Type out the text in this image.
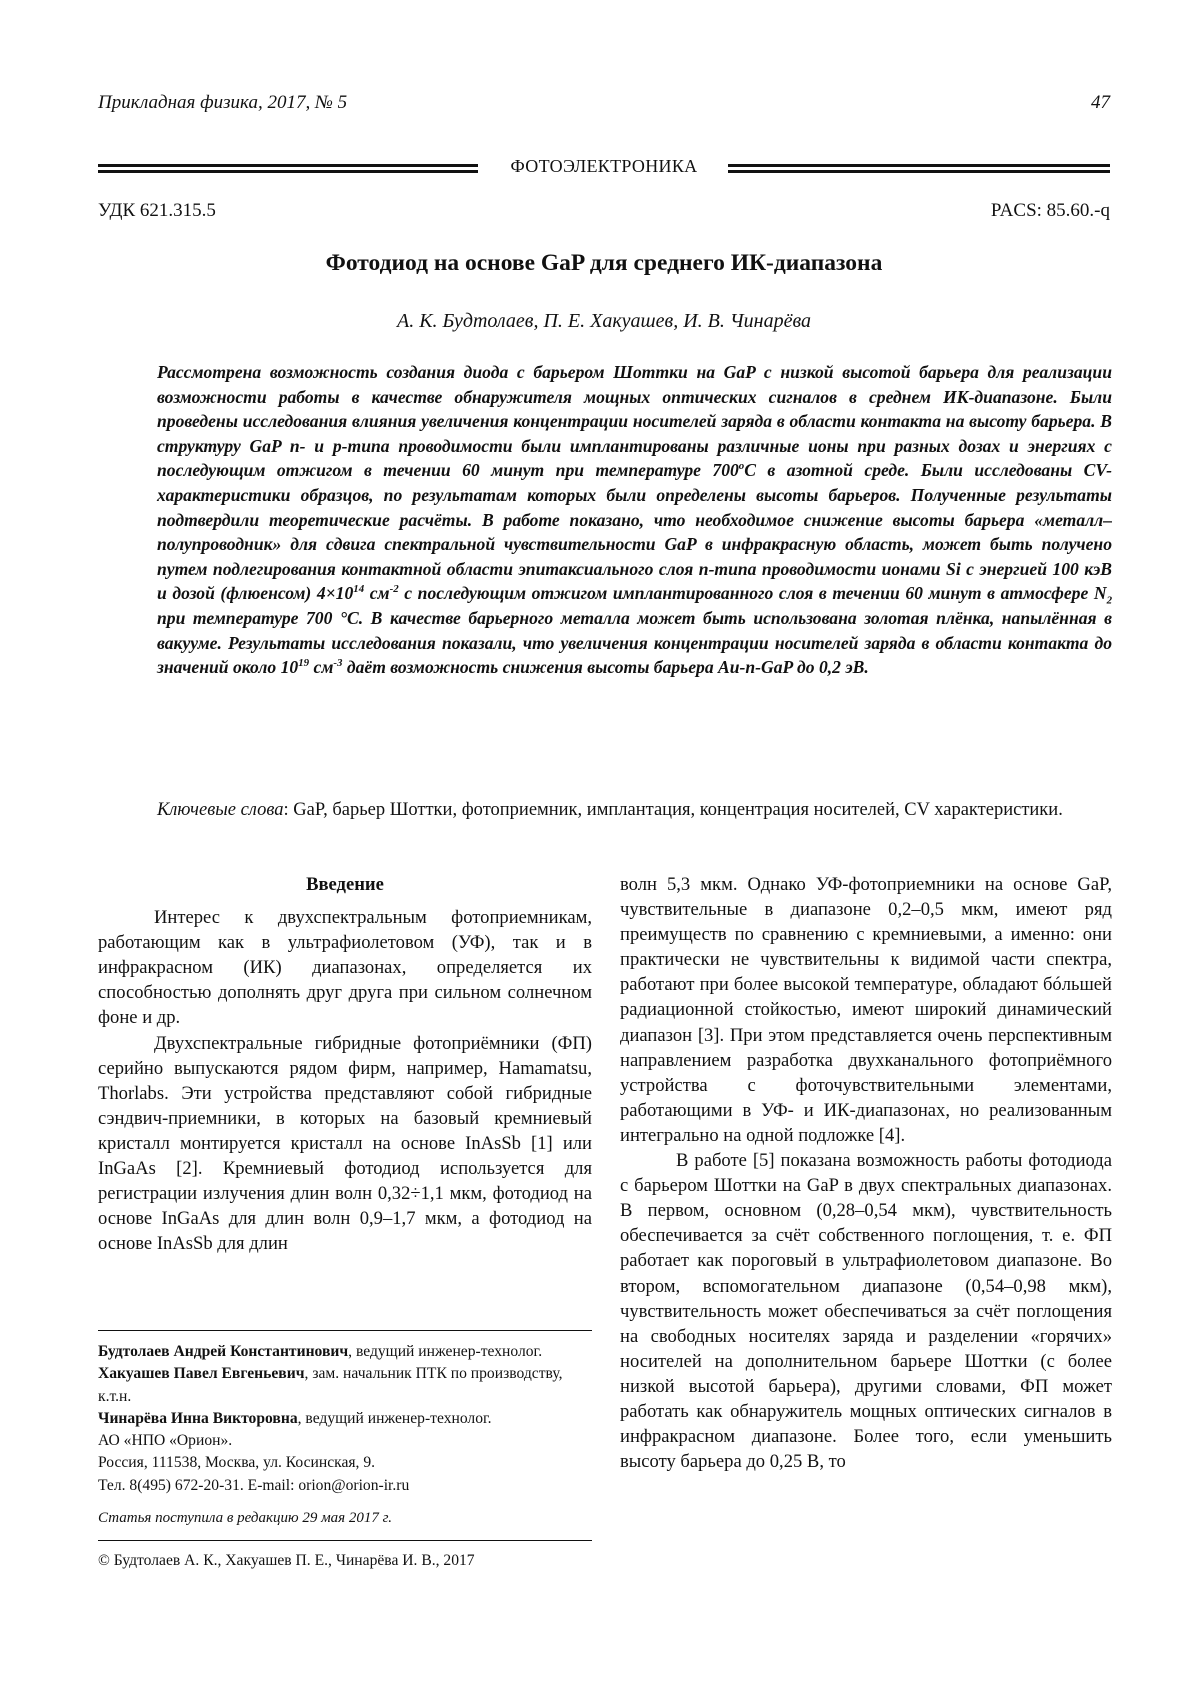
Прикладная физика, 2017, № 5	47
ФОТОЭЛЕКТРОНИКА
УДК 621.315.5	PACS: 85.60.-q
Фотодиод на основе GaP для среднего ИК-диапазона
А. К. Будтолаев, П. Е. Хакуашев, И. В. Чинарёва
Рассмотрена возможность создания диода с барьером Шоттки на GaP с низкой высотой барьера для реализации возможности работы в качестве обнаружителя мощных оптических сигналов в среднем ИК-диапазоне. Были проведены исследования влияния увеличения концентрации носителей заряда в области контакта на высоту барьера. В структуру GaP n- и p-типа проводимости были имплантированы различные ионы при разных дозах и энергиях с последующим отжигом в течении 60 минут при температуре 700$^o$C в азотной среде. Были исследованы CV-характеристики образцов, по результатам которых были определены высоты барьеров. Полученные результаты подтвердили теоретические расчёты. В работе показано, что необходимое снижение высоты барьера «металл–полупроводник» для сдвига спектральной чувствительности GaP в инфракрасную область, может быть получено путем подлегирования контактной области эпитаксиального слоя n-типа проводимости ионами Si с энергией 100 кэВ и дозой (флюенсом) $4\times 10^{14}$ $см^{-2}$ с последующим отжигом имплантированного слоя в течении 60 минут в атмосфере $N_2$ при температуре 700 °С. В качестве барьерного металла может быть использована золотая плёнка, напылённая в вакууме. Результаты исследования показали, что увеличения концентрации носителей заряда в области контакта до значений около $10^{19}$ $см^{-3}$ даёт возможность снижения высоты барьера Au-n-GaP до 0,2 эВ.
Ключевые слова: GaP, барьер Шоттки, фотоприемник, имплантация, концентрация носителей, CV характеристики.

Введение

Интерес к двухспектральным фотоприемникам, работающим как в ультрафиолетовом (УФ), так и в инфракрасном (ИК) диапазонах, определяется их способностью дополнять друг друга при сильном солнечном фоне и др.

Двухспектральные гибридные фотоприёмники (ФП) серийно выпускаются рядом фирм, например, Hamamatsu, Thorlabs. Эти устройства представляют собой гибридные сэндвич-приемники, в которых на базовый кремниевый кристалл монтируется кристалл на основе InAsSb [1] или InGaAs [2]. Кремниевый фотодиод используется для регистрации излучения длин волн 0,32÷1,1 мкм, фотодиод на основе InGaAs для длин волн 0,9–1,7 мкм, а фотодиод на основе InAsSb для длин

волн 5,3 мкм. Однако УФ-фотоприемники на основе GaP, чувствительные в диапазоне 0,2–0,5 мкм, имеют ряд преимуществ по сравнению с кремниевыми, а именно: они практически не чувствительны к видимой части спектра, работают при более высокой температуре, обладают бóльшей радиационной стойкостью, имеют широкий динамический диапазон [3]. При этом представляется очень перспективным направлением разработка двухканального фотоприёмного устройства с фоточувствительными элементами, работающими в УФ- и ИК-диапазонах, но реализованным интегрально на одной подложке [4].

В работе [5] показана возможность работы фотодиода с барьером Шоттки на GaP в двух спектральных диапазонах. В первом, основном (0,28–0,54 мкм), чувствительность обеспечивается за счёт собственного поглощения, т. е. ФП работает как пороговый в ультрафиолетовом диапазоне. Во втором, вспомогательном диапазоне (0,54–0,98 мкм), чувствительность может обеспечиваться за счёт поглощения на свободных носителях заряда и разделении «горячих» носителей на дополнительном барьере Шоттки (с более низкой высотой барьера), другими словами, ФП может работать как обнаружитель мощных оптических сигналов в инфракрасном диапазоне. Более того, если уменьшить высоту барьера до 0,25 В, то

Будтолаев Андрей Константинович, ведущий инженер-технолог.

Хакуашев Павел Евгеньевич, зам. начальник ПТК по производству, к.т.н.

Чинарёва Инна Викторовна, ведущий инженер-технолог.

АО «НПО «Орион».

Россия, 111538, Москва, ул. Косинская, 9.

Тел. 8(495) 672-20-31. E-mail: orion@orion-ir.ru

Статья поступила в редакцию 29 мая 2017 г.
© Будтолаев А. К., Хакуашев П. Е., Чинарёва И. В., 2017
